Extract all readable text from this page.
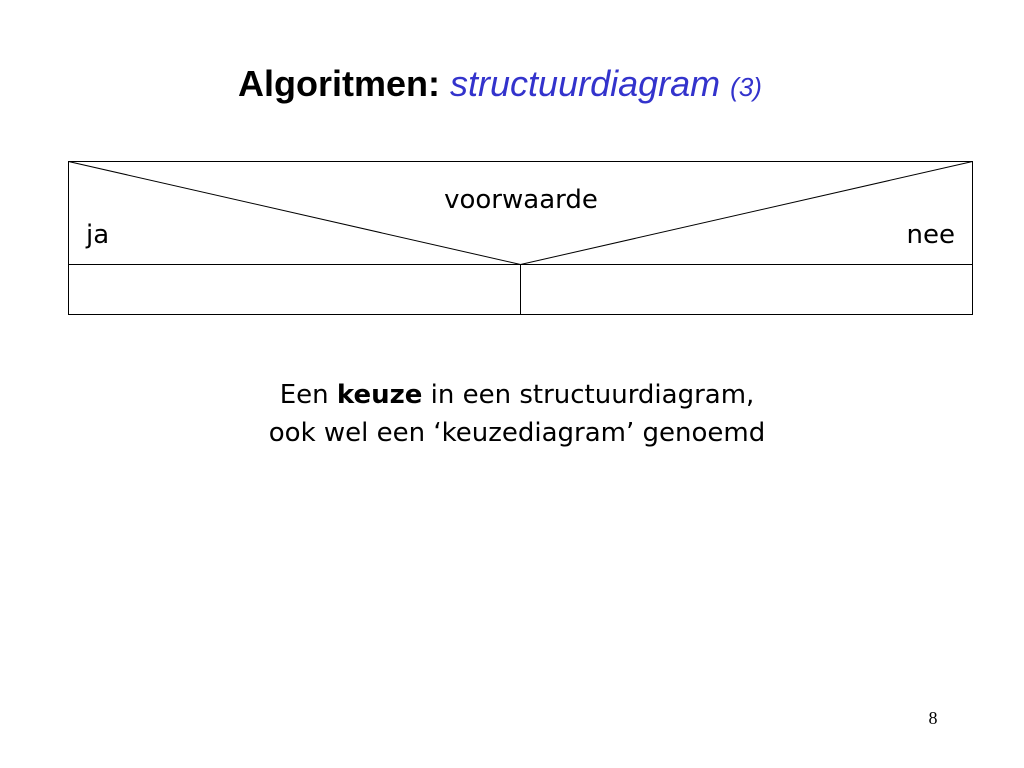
Algoritmen: structuurdiagram (3)
voorwaarde
ja	nee
Een keuze in een structuurdiagram,
ook wel een ‘keuzediagram’ genoemd
8
